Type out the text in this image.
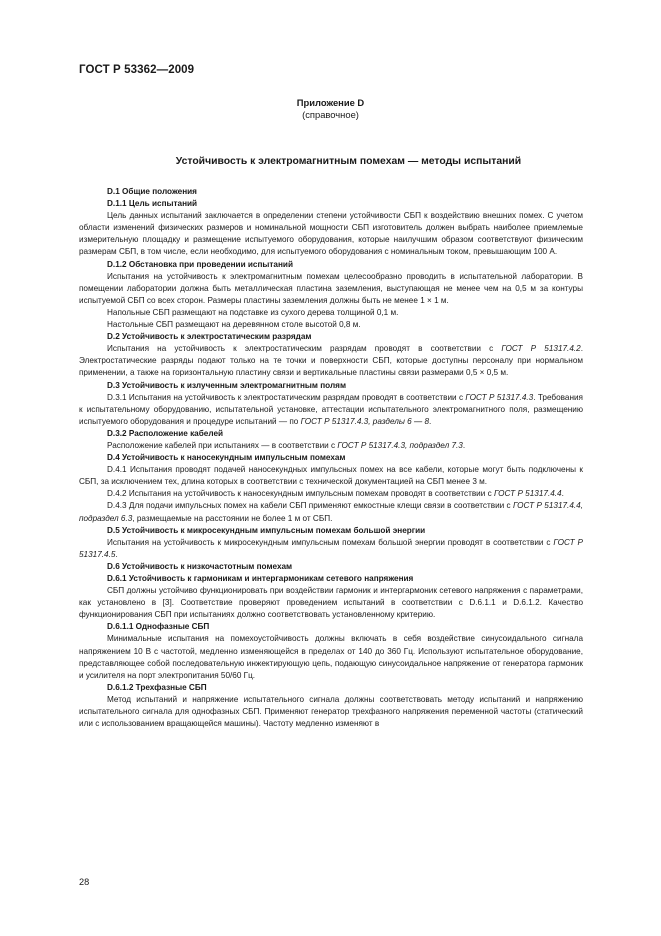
ГОСТ Р 53362—2009
Приложение D
(справочное)
Устойчивость к электромагнитным помехам — методы испытаний

D.1 Общие положения

D.1.1 Цель испытаний

Цель данных испытаний заключается в определении степени устойчивости СБП к воздействию внешних помех. С учетом области изменений физических размеров и номинальной мощности СБП изготовитель должен выбрать наиболее приемлемые измерительную площадку и размещение испытуемого оборудования, которые наилучшим образом соответствуют физическим размерам СБП, в том числе, если необходимо, для испытуемого оборудования с номинальным током, превышающим 100 А.

D.1.2 Обстановка при проведении испытаний

Испытания на устойчивость к электромагнитным помехам целесообразно проводить в испытательной лаборатории. В помещении лаборатории должна быть металлическая пластина заземления, выступающая не менее чем на 0,5 м за контуры испытуемой СБП со всех сторон. Размеры пластины заземления должны быть не менее 1 × 1 м.

Напольные СБП размещают на подставке из сухого дерева толщиной 0,1 м.

Настольные СБП размещают на деревянном столе высотой 0,8 м.

D.2 Устойчивость к электростатическим разрядам

Испытания на устойчивость к электростатическим разрядам проводят в соответствии с ГОСТ Р 51317.4.2. Электростатические разряды подают только на те точки и поверхности СБП, которые доступны персоналу при нормальном применении, а также на горизонтальную пластину связи и вертикальные пластины связи размерами 0,5 × 0,5 м.

D.3 Устойчивость к излученным электромагнитным полям

D.3.1 Испытания на устойчивость к электростатическим разрядам проводят в соответствии с ГОСТ Р 51317.4.3. Требования к испытательному оборудованию, испытательной установке, аттестации испытательного электромагнитного поля, размещению испытуемого оборудования и процедуре испытаний — по ГОСТ Р 51317.4.3, разделы 6 — 8.

D.3.2 Расположение кабелей

Расположение кабелей при испытаниях — в соответствии с ГОСТ Р 51317.4.3, подраздел 7.3.

D.4 Устойчивость к наносекундным импульсным помехам

D.4.1 Испытания проводят подачей наносекундных импульсных помех на все кабели, которые могут быть подключены к СБП, за исключением тех, длина которых в соответствии с технической документацией на СБП менее 3 м.

D.4.2 Испытания на устойчивость к наносекундным импульсным помехам проводят в соответствии с ГОСТ Р 51317.4.4.

D.4.3 Для подачи импульсных помех на кабели СБП применяют емкостные клещи связи в соответствии с ГОСТ Р 51317.4.4, подраздел 6.3, размещаемые на расстоянии не более 1 м от СБП.

D.5 Устойчивость к микросекундным импульсным помехам большой энергии

Испытания на устойчивость к микросекундным импульсным помехам большой энергии проводят в соответствии с ГОСТ Р 51317.4.5.

D.6 Устойчивость к низкочастотным помехам

D.6.1 Устойчивость к гармоникам и интергармоникам сетевого напряжения

СБП должны устойчиво функционировать при воздействии гармоник и интергармоник сетевого напряжения с параметрами, как установлено в [3]. Соответствие проверяют проведением испытаний в соответствии с D.6.1.1 и D.6.1.2. Качество функционирования СБП при испытаниях должно соответствовать установленному критерию.

D.6.1.1 Однофазные СБП

Минимальные испытания на помехоустойчивость должны включать в себя воздействие синусоидального сигнала напряжением 10 В с частотой, медленно изменяющейся в пределах от 140 до 360 Гц. Используют испытательное оборудование, представляющее собой последовательную инжектирующую цепь, подающую синусоидальное напряжение от генератора гармоник и усилителя на порт электропитания 50/60 Гц.

D.6.1.2 Трехфазные СБП

Метод испытаний и напряжение испытательного сигнала должны соответствовать методу испытаний и напряжению испытательного сигнала для однофазных СБП. Применяют генератор трехфазного напряжения переменной частоты (статический или с использованием вращающейся машины). Частоту медленно изменяют в

28
